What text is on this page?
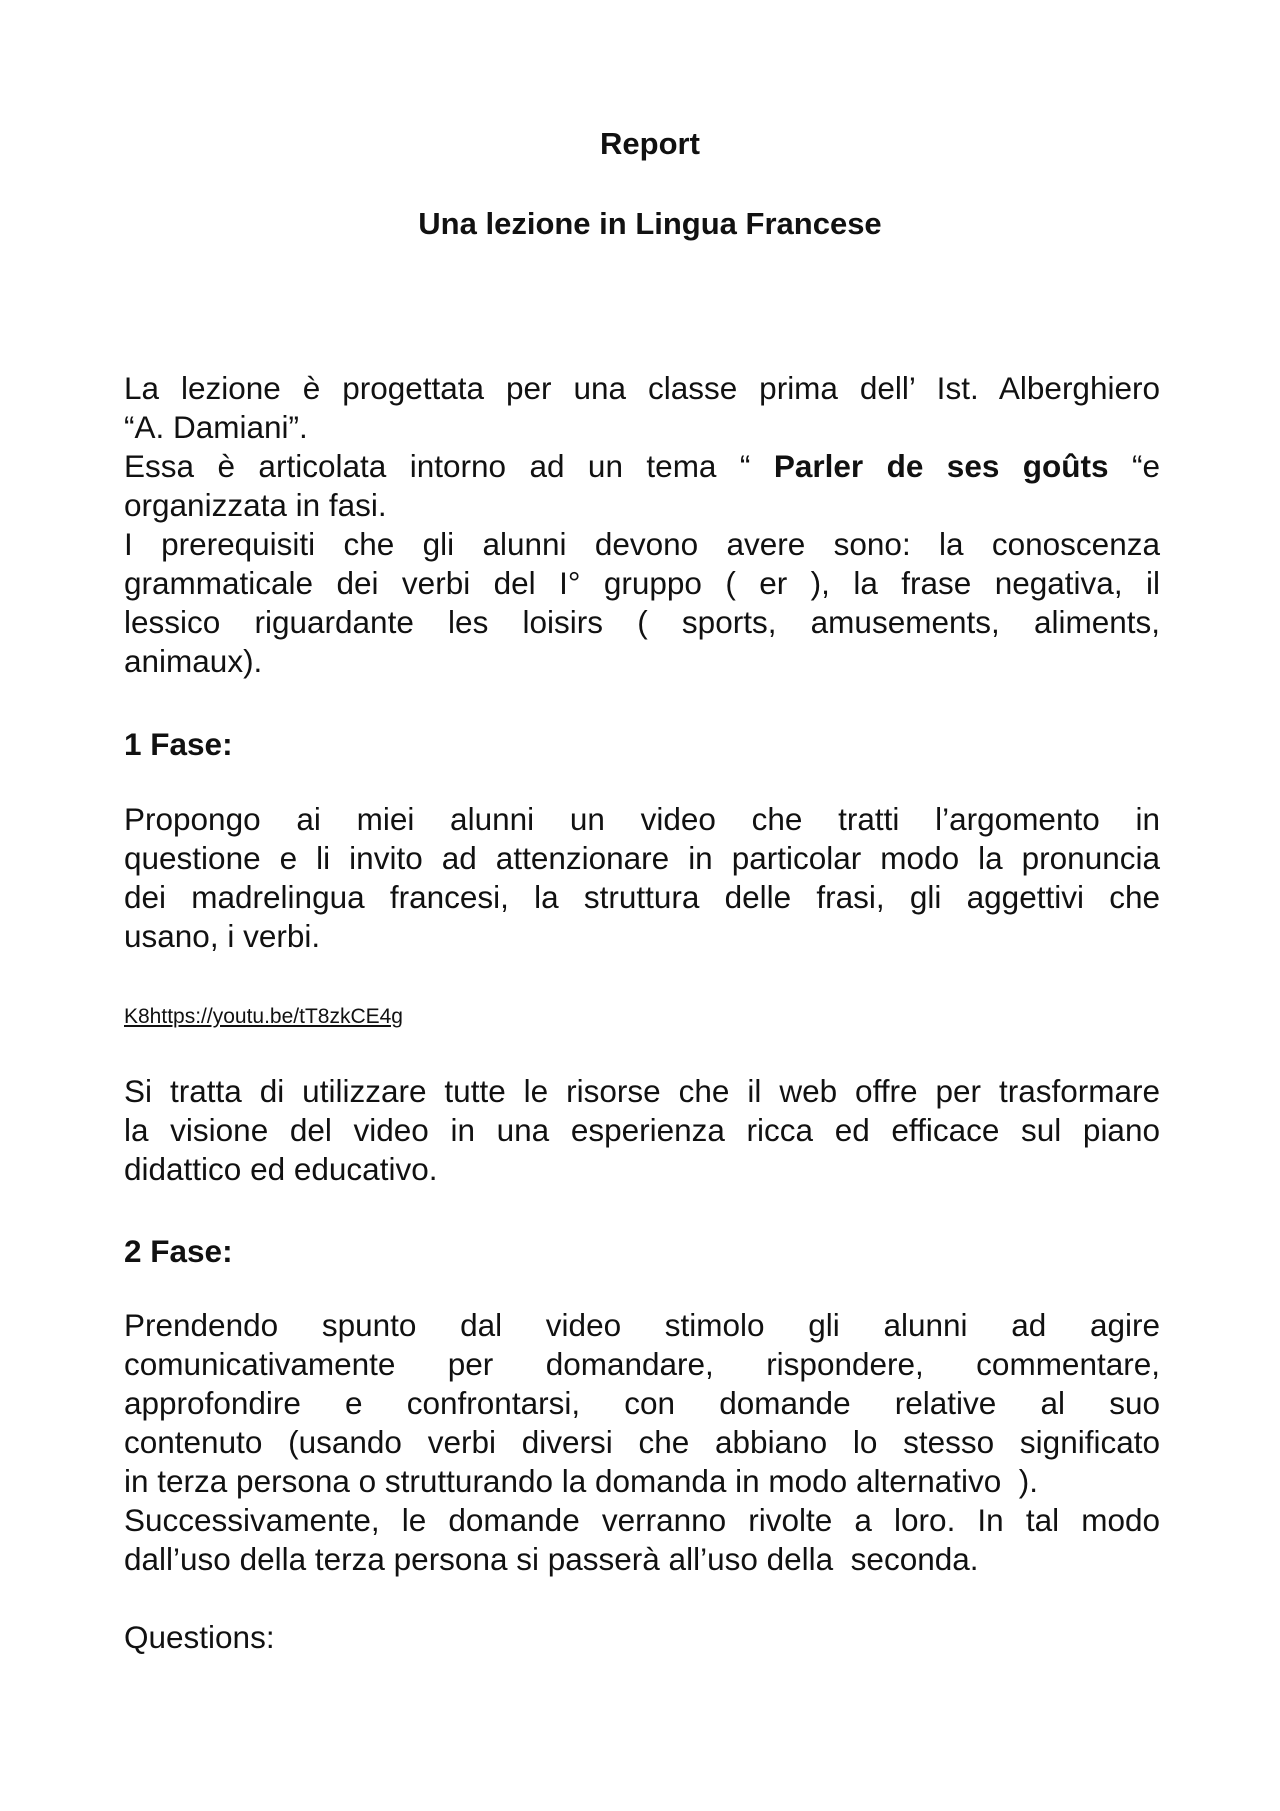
Report
Una lezione in Lingua Francese
La lezione è progettata per una classe prima dell’ Ist. Alberghiero
“A. Damiani”.
Essa è articolata intorno ad un tema “ Parler de ses goûts “e
organizzata in fasi.
I prerequisiti che gli alunni devono avere sono: la conoscenza
grammaticale dei verbi del I° gruppo ( er ), la frase negativa, il
lessico riguardante les loisirs ( sports, amusements, aliments,
animaux).
1 Fase:
Propongo ai miei alunni un video che tratti l’argomento in
questione e li invito ad attenzionare in particolar modo la pronuncia
dei madrelingua francesi, la struttura delle frasi, gli aggettivi che
usano, i verbi.
K8https://youtu.be/tT8zkCE4g
Si tratta di utilizzare tutte le risorse che il web offre per trasformare
la visione del video in una esperienza ricca ed efficace sul piano
didattico ed educativo.
2 Fase:
Prendendo spunto dal video stimolo gli alunni ad agire
comunicativamente per domandare, rispondere, commentare,
approfondire e confrontarsi, con domande relative al suo
contenuto (usando verbi diversi che abbiano lo stesso significato
in terza persona o strutturando la domanda in modo alternativo  ).
Successivamente, le domande verranno rivolte a loro. In tal modo
dall’uso della terza persona si passerà all’uso della  seconda.
Questions:
